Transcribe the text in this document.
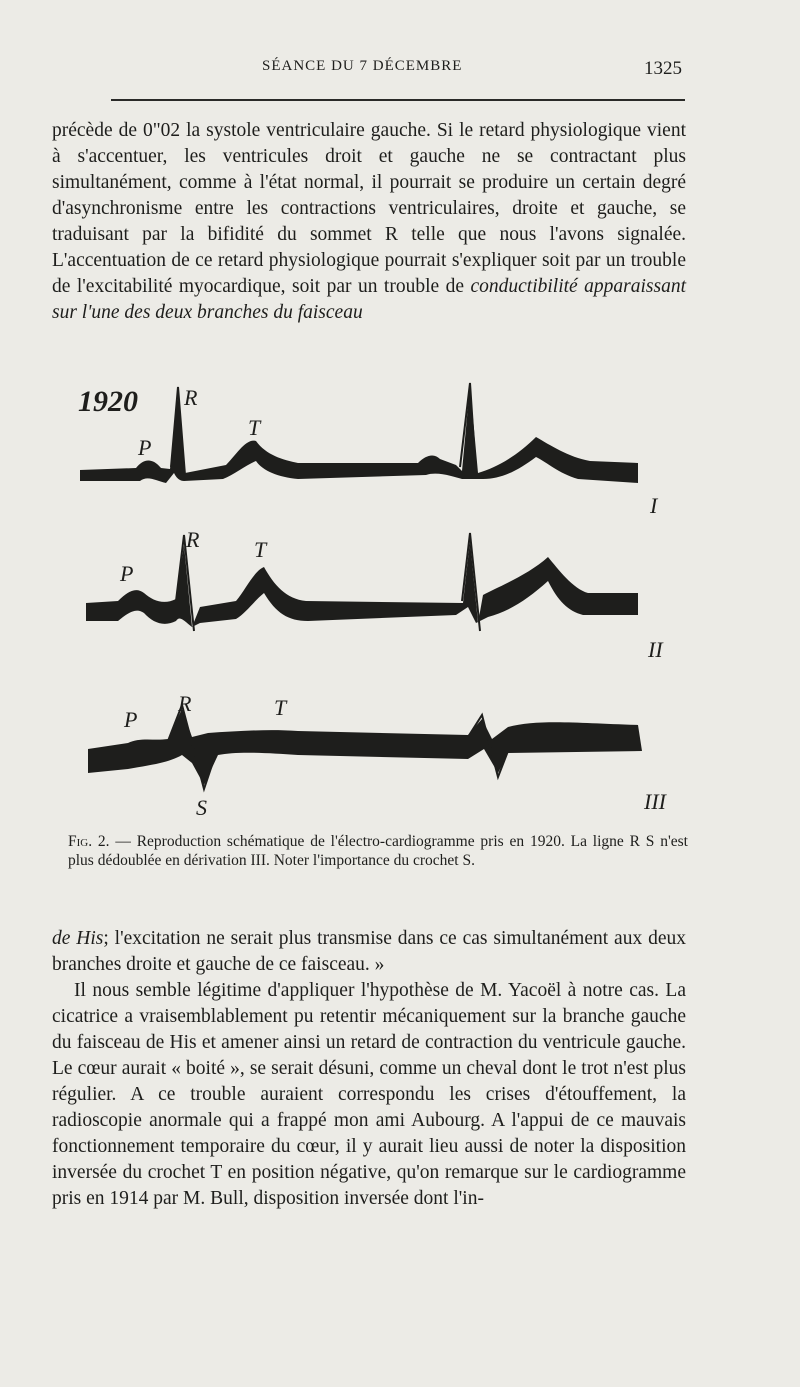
SÉANCE DU 7 DÉCEMBRE	1325
précède de 0"02 la systole ventriculaire gauche. Si le retard physiologique vient à s'accentuer, les ventricules droit et gauche ne se contractant plus simultanément, comme à l'état normal, il pourrait se produire un certain degré d'asynchronisme entre les contractions ventriculaires, droite et gauche, se traduisant par la bifidité du sommet R telle que nous l'avons signalée. L'accentuation de ce retard physiologique pourrait s'expliquer soit par un trouble de l'excitabilité myocardique, soit par un trouble de conductibilité apparaissant sur l'une des deux branches du faisceau
1920
P
R
T
I
P
R T
II
P
R	T
S	III
Fig. 2. — Reproduction schématique de l'électro-cardiogramme pris en 1920. La ligne R S n'est plus dédoublée en dérivation III. Noter l'importance du crochet S.

de His; l'excitation ne serait plus transmise dans ce cas simultanément aux deux branches droite et gauche de ce faisceau. »

Il nous semble légitime d'appliquer l'hypothèse de M. Yacoël à notre cas. La cicatrice a vraisemblablement pu retentir mécaniquement sur la branche gauche du faisceau de His et amener ainsi un retard de contraction du ventricule gauche. Le cœur aurait « boité », se serait désuni, comme un cheval dont le trot n'est plus régulier. A ce trouble auraient correspondu les crises d'étouffement, la radioscopie anormale qui a frappé mon ami Aubourg. A l'appui de ce mauvais fonctionnement temporaire du cœur, il y aurait lieu aussi de noter la disposition inversée du crochet T en position négative, qu'on remarque sur le cardiogramme pris en 1914 par M. Bull, disposition inversée dont l'in-
